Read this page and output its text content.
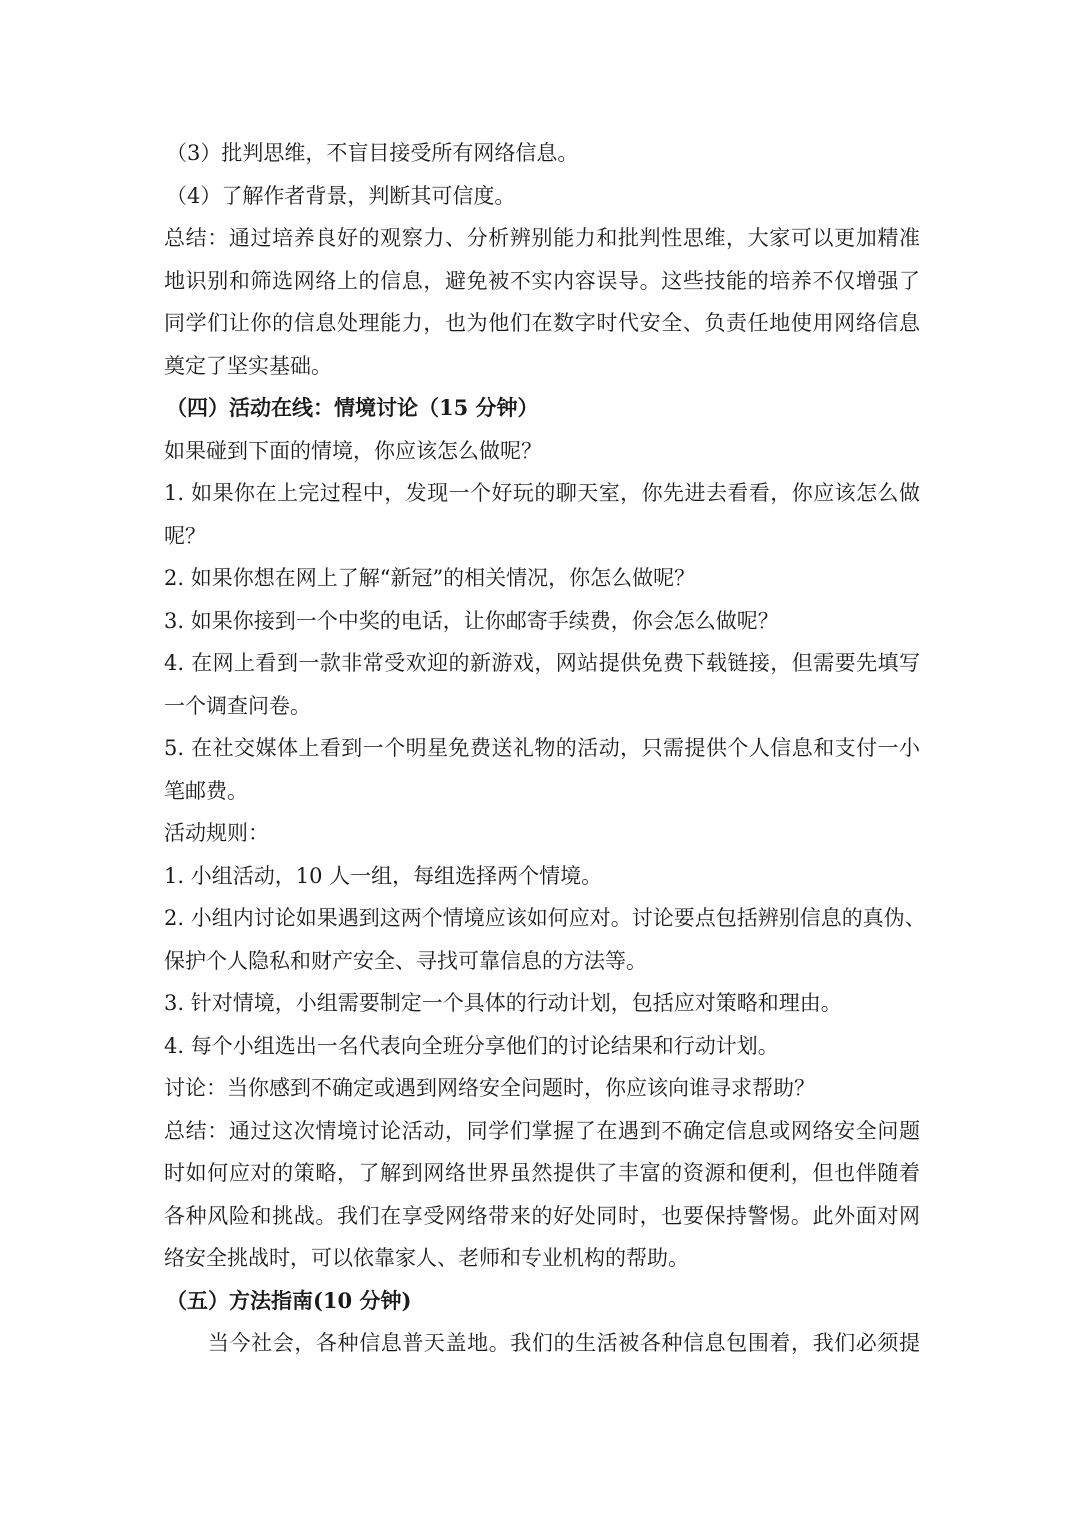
（3）批判思维，不盲目接受所有网络信息。
（4）了解作者背景，判断其可信度。
总结：通过培养良好的观察力、分析辨别能力和批判性思维，大家可以更加精准
地识别和筛选网络上的信息，避免被不实内容误导。这些技能的培养不仅增强了
同学们让你的信息处理能力，也为他们在数字时代安全、负责任地使用网络信息
奠定了坚实基础。
（四）活动在线：情境讨论（15 分钟）
如果碰到下面的情境，你应该怎么做呢？
1. 如果你在上完过程中，发现一个好玩的聊天室，你先进去看看，你应该怎么做
呢？
2. 如果你想在网上了解“新冠”的相关情况，你怎么做呢？
3. 如果你接到一个中奖的电话，让你邮寄手续费，你会怎么做呢？
4. 在网上看到一款非常受欢迎的新游戏，网站提供免费下载链接，但需要先填写
一个调查问卷。
5. 在社交媒体上看到一个明星免费送礼物的活动，只需提供个人信息和支付一小
笔邮费。
活动规则：
1. 小组活动，10 人一组，每组选择两个情境。
2. 小组内讨论如果遇到这两个情境应该如何应对。讨论要点包括辨别信息的真伪、
保护个人隐私和财产安全、寻找可靠信息的方法等。
3. 针对情境，小组需要制定一个具体的行动计划，包括应对策略和理由。
4. 每个小组选出一名代表向全班分享他们的讨论结果和行动计划。
讨论：当你感到不确定或遇到网络安全问题时，你应该向谁寻求帮助？
总结：通过这次情境讨论活动，同学们掌握了在遇到不确定信息或网络安全问题
时如何应对的策略，了解到网络世界虽然提供了丰富的资源和便利，但也伴随着
各种风险和挑战。我们在享受网络带来的好处同时，也要保持警惕。此外面对网
络安全挑战时，可以依靠家人、老师和专业机构的帮助。
（五）方法指南(10 分钟)
当今社会，各种信息普天盖地。我们的生活被各种信息包围着，我们必须提
